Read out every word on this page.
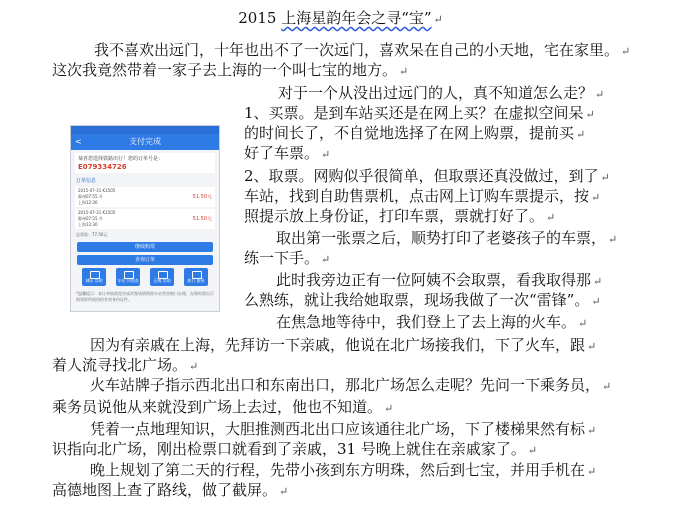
2015 上海星韵年会之寻“宝” ↵
我不喜欢出远门，十年也出不了一次远门，喜欢呆在自己的小天地，宅在家里。 ↵
这次我竟然带着一家子去上海的一个叫七宝的地方。 ↵
对于一个从没出过远门的人，真不知道怎么走？ ↵
1、买票。是到车站买还是在网上买？在虚拟空间呆 ↵
的时间长了，不自觉地选择了在网上购票，提前买 ↵
好了车票。 ↵
2、取票。网购似乎很简单，但取票还真没做过，到了 ↵
车站，找到自助售票机，点击网上订购车票提示，按 ↵
照提示放上身份证，打印车票，票就打好了。 ↵
取出第一张票之后，顺势打印了老婆孩子的车票， ↵
练一下手。 ↵
此时我旁边正有一位阿姨不会取票，看我取得那 ↵
么熟练，就让我给她取票，现场我做了一次“雷锋”。 ↵
在焦急地等待中，我们登上了去上海的火车。 ↵
因为有亲戚在上海，先拜访一下亲戚，他说在北广场接我们，下了火车，跟 ↵
着人流寻找北广场。 ↵
火车站牌子指示西北出口和东南出口，那北广场怎么走呢？先问一下乘务员， ↵
乘务员说他从来就没到广场上去过，他也不知道。 ↵
凭着一点地理知识，大胆推测西北出口应该通往北广场，下了楼梯果然有标 ↵
识指向北广场，刚出检票口就看到了亲戚，31 号晚上就住在亲戚家了。 ↵
晚上规划了第二天的行程，先带小孩到东方明珠，然后到七宝，并用手机在 ↵
高德地图上查了路线，做了截屏。 ↵
<	支付完成
恭喜您选择铁路出行！您的订单号是：
E079334726
订单信息
2015-07-31 K1505
滁州07:55 开
上海12:30
51.50元
2015-07-31 K1505
滁州07:55 开
上海12:30
51.50元
总票款：77.50元
继续购票
查询订单
城际 帮助	车站 列表查询
正晚 帮助	旅行 服务
*温馨提示：本订单如需变更或改签请到铁路车站售票窗口办理，办理时需出示购票时所使用的有效身份证件。
